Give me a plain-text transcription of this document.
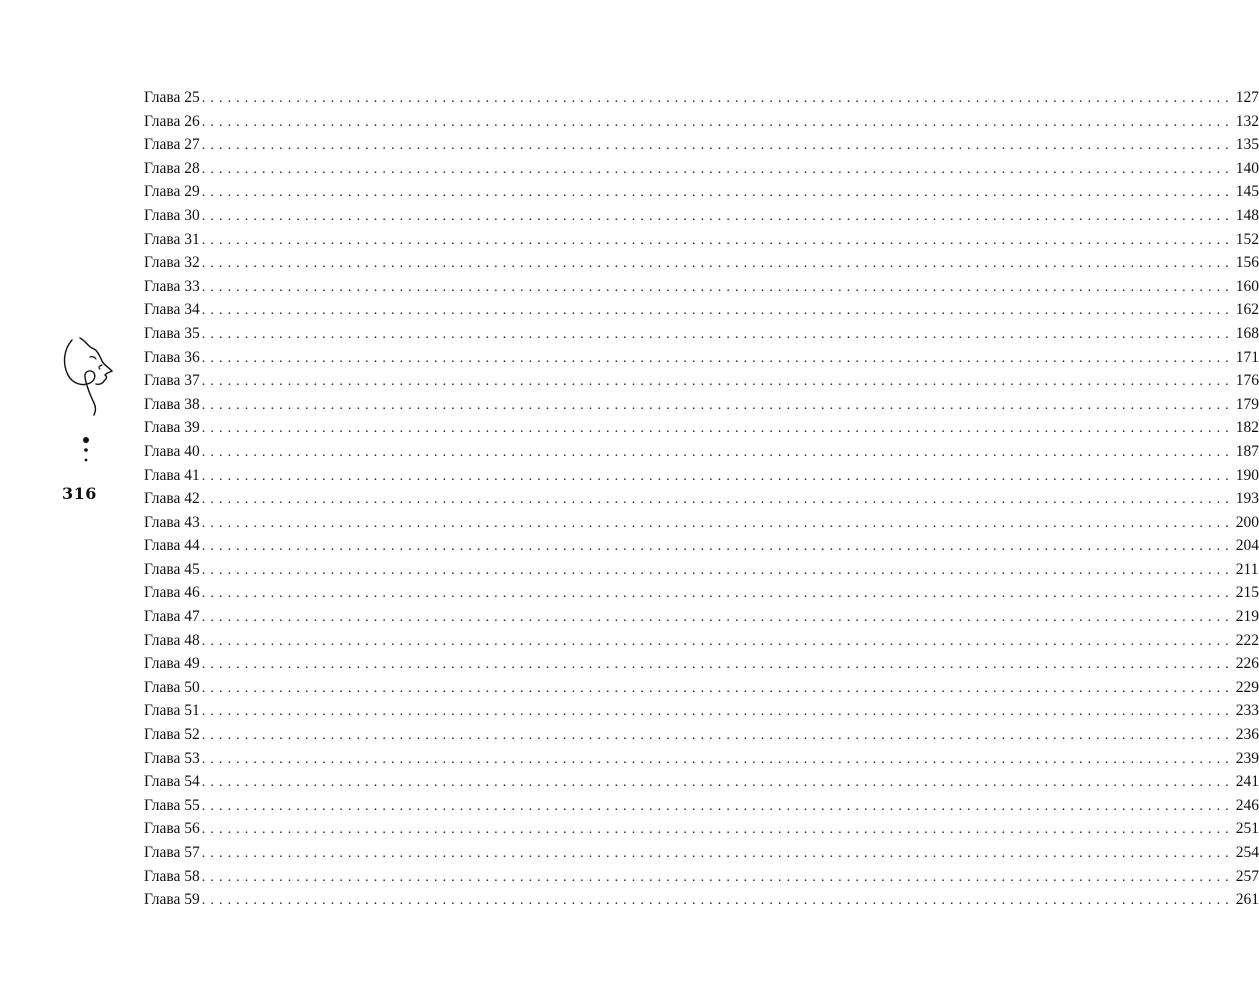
316
Глава 25 ........................................................................................................................ 127
Глава 26 ........................................................................................................................ 132
Глава 27 ........................................................................................................................ 135
Глава 28 ........................................................................................................................ 140
Глава 29 ........................................................................................................................ 145
Глава 30 ........................................................................................................................ 148
Глава 31 ........................................................................................................................ 152
Глава 32 ........................................................................................................................ 156
Глава 33 ........................................................................................................................ 160
Глава 34 ........................................................................................................................ 162
Глава 35 ........................................................................................................................ 168
Глава 36 ........................................................................................................................ 171
Глава 37 ........................................................................................................................ 176
Глава 38 ........................................................................................................................ 179
Глава 39 ........................................................................................................................ 182
Глава 40 ........................................................................................................................ 187
Глава 41 ........................................................................................................................ 190
Глава 42 ........................................................................................................................ 193
Глава 43 ........................................................................................................................ 200
Глава 44 ........................................................................................................................ 204
Глава 45 ........................................................................................................................ 211
Глава 46 ........................................................................................................................ 215
Глава 47 ........................................................................................................................ 219
Глава 48 ........................................................................................................................ 222
Глава 49 ........................................................................................................................ 226
Глава 50 ........................................................................................................................ 229
Глава 51 ........................................................................................................................ 233
Глава 52 ........................................................................................................................ 236
Глава 53 ........................................................................................................................ 239
Глава 54 ........................................................................................................................ 241
Глава 55 ........................................................................................................................ 246
Глава 56 ........................................................................................................................ 251
Глава 57 ........................................................................................................................ 254
Глава 58 ........................................................................................................................ 257
Глава 59 ........................................................................................................................ 261
